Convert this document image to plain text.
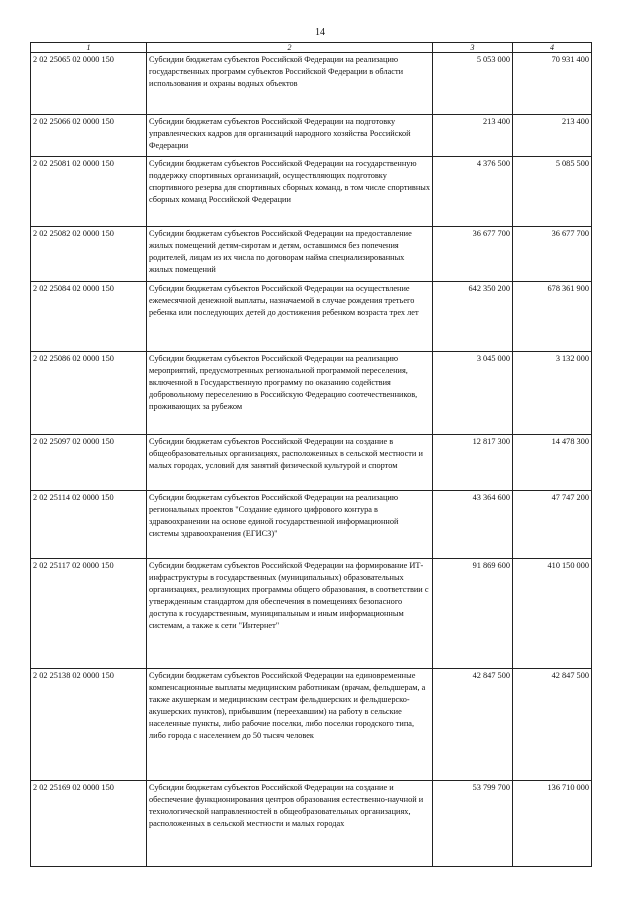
14
1	2	3	4
2 02 25065 02 0000 150	Субсидии бюджетам субъектов Российской Федерации на реализацию государственных программ субъектов Российской Федерации в области использования и охраны водных объектов	5 053 000	70 931 400
2 02 25066 02 0000 150	Субсидии бюджетам субъектов Российской Федерации на подготовку управленческих кадров для организаций народного хозяйства Российской Федерации	213 400	213 400
2 02 25081 02 0000 150	Субсидии бюджетам субъектов Российской Федерации на государственную поддержку спортивных организаций, осуществляющих подготовку спортивного резерва для спортивных сборных команд, в том числе спортивных сборных команд Российской Федерации	4 376 500	5 085 500
2 02 25082 02 0000 150	Субсидии бюджетам субъектов Российской Федерации на предоставление жилых помещений детям-сиротам и детям, оставшимся без попечения родителей, лицам из их числа по договорам найма специализированных жилых помещений	36 677 700	36 677 700
2 02 25084 02 0000 150	Субсидии бюджетам субъектов Российской Федерации на осуществление ежемесячной денежной выплаты, назначаемой в случае рождения третьего ребенка или последующих детей до достижения ребенком возраста трех лет	642 350 200	678 361 900
2 02 25086 02 0000 150	Субсидии бюджетам субъектов Российской Федерации на реализацию мероприятий, предусмотренных региональной программой переселения, включенной в Государственную программу по оказанию содействия добровольному переселению в Российскую Федерацию соотечественников, проживающих за рубежом	3 045 000	3 132 000
2 02 25097 02 0000 150	Субсидии бюджетам субъектов Российской Федерации на создание в общеобразовательных организациях, расположенных в сельской местности и малых городах, условий для занятий физической культурой и спортом	12 817 300	14 478 300
2 02 25114 02 0000 150	Субсидии бюджетам субъектов Российской Федерации на реализацию региональных проектов "Создание единого цифрового контура в здравоохранении на основе единой государственной информационной системы здравоохранения (ЕГИСЗ)"	43 364 600	47 747 200
2 02 25117 02 0000 150	Субсидии бюджетам субъектов Российской Федерации на формирование ИТ-инфраструктуры в государственных (муниципальных) образовательных организациях, реализующих программы общего образования, в соответствии с утвержденным стандартом для обеспечения в помещениях безопасного доступа к государственным, муниципальным и иным информационным системам, а также к сети "Интернет"	91 869 600	410 150 000
2 02 25138 02 0000 150	Субсидии бюджетам субъектов Российской Федерации на единовременные компенсационные выплаты медицинским работникам (врачам, фельдшерам, а также акушеркам и медицинским сестрам фельдшерских и фельдшерско-акушерских пунктов), прибывшим (переехавшим) на работу в сельские населенные пункты, либо рабочие поселки, либо поселки городского типа, либо города с населением до 50 тысяч человек	42 847 500	42 847 500
2 02 25169 02 0000 150	Субсидии бюджетам субъектов Российской Федерации на создание и обеспечение функционирования центров образования естественно-научной и технологической направленностей в общеобразовательных организациях, расположенных в сельской местности и малых городах	53 799 700	136 710 000
